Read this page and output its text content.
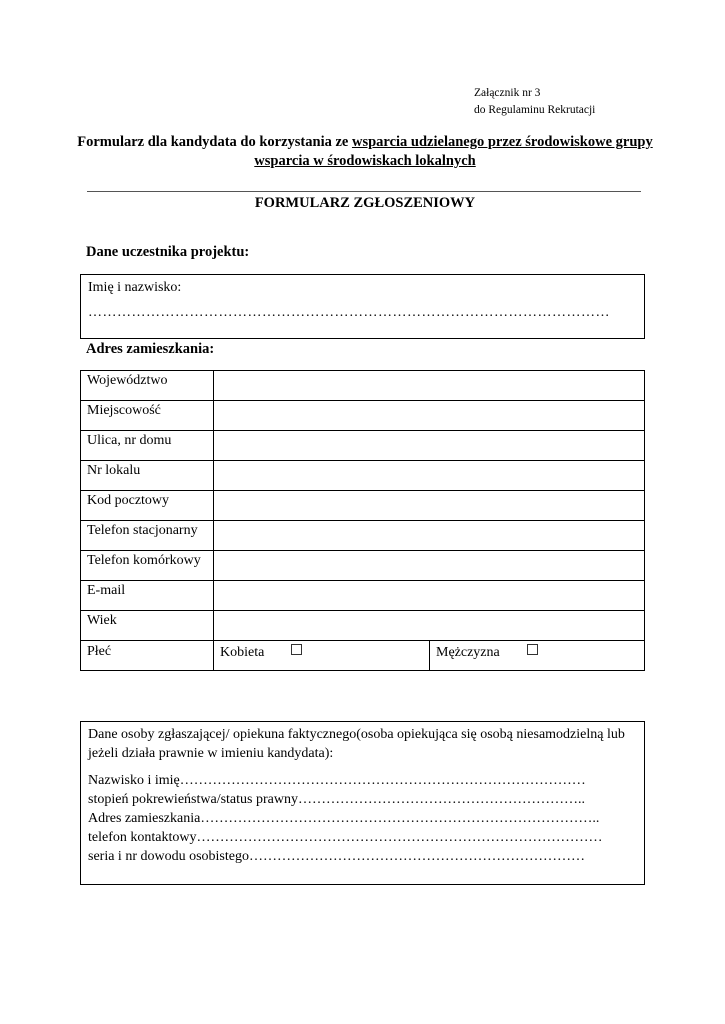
Załącznik nr 3
do Regulaminu Rekrutacji
Formularz dla kandydata do korzystania ze wsparcia udzielanego przez środowiskowe grupy wsparcia w środowiskach lokalnych
FORMULARZ ZGŁOSZENIOWY
Dane uczestnika projektu:
Imię i nazwisko:
………………………………………………………………………………………………
Adres zamieszkania:
Województwo		
Miejscowość		
Ulica, nr domu		
Nr lokalu		
Kod pocztowy		
Telefon stacjonarny		
Telefon komórkowy		
E-mail		
Wiek		
Płeć	Kobieta	Mężczyzna
Dane osoby zgłaszającej/ opiekuna faktycznego(osoba opiekująca się osobą niesamodzielną lub jeżeli działa prawnie w imieniu kandydata):
Nazwisko i imię……………………………………………………………………………
stopień pokrewieństwa/status prawny……………………………………………………..
Adres zamieszkania…………………………………………………………………………..
telefon kontaktowy……………………………………………………………………………
seria i nr dowodu osobistego………………………………………………………………
